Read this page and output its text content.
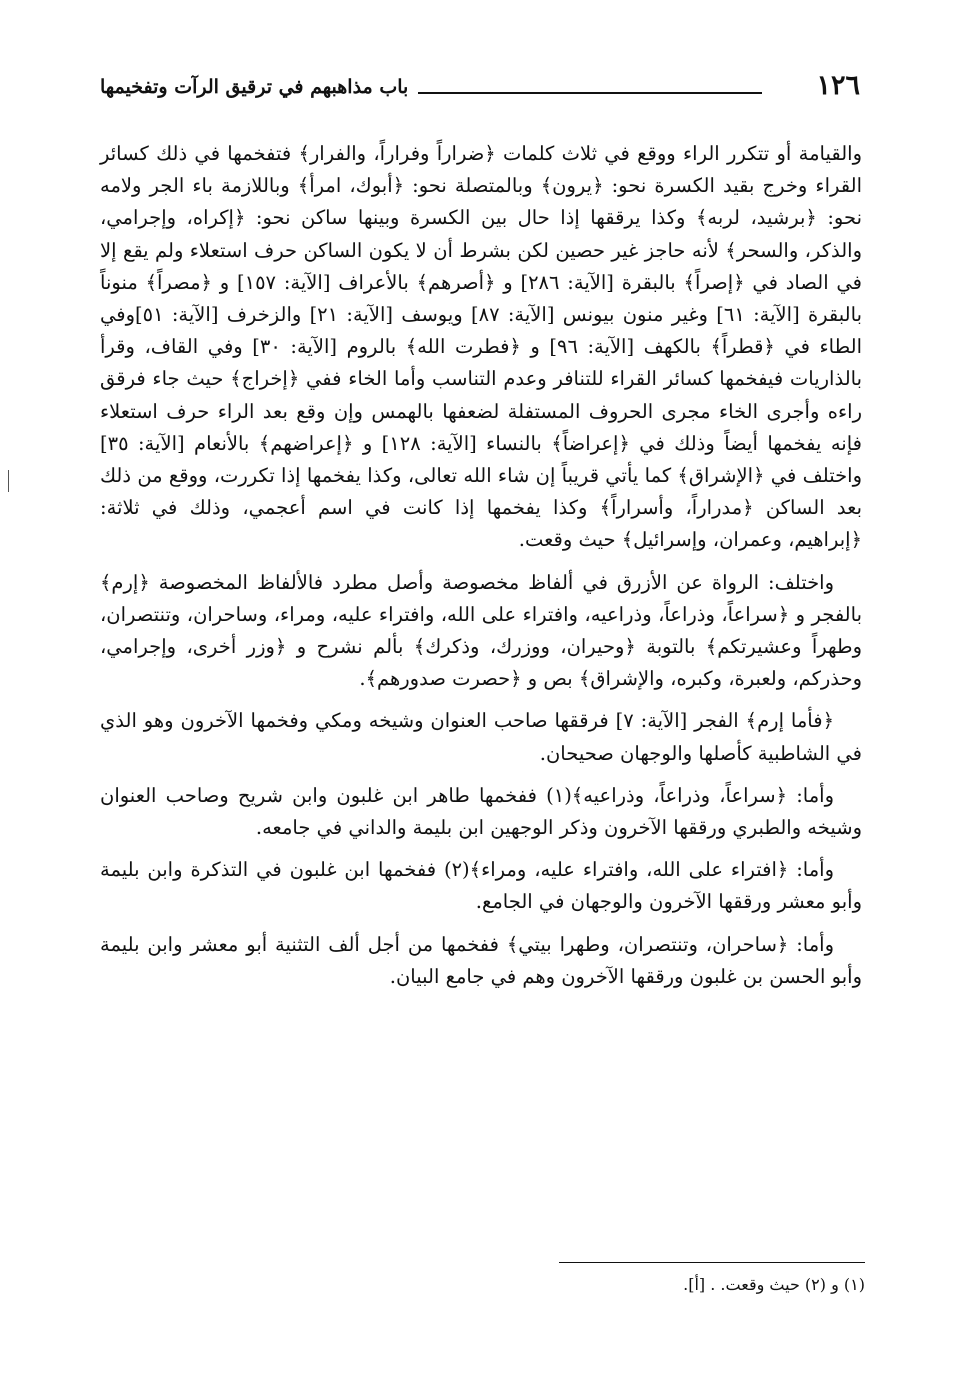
١٢٦
باب مذاهبهم في ترقيق الرآت وتفخيمها

والقيامة أو تتكرر الراء ووقع في ثلاث كلمات ﴿ضراراً وفراراً، والفرار﴾ فتفخمها في ذلك كسائر القراء وخرج بقيد الكسرة نحو: ﴿يرون﴾ وبالمتصلة نحو: ﴿أبوك، امرأ﴾ وباللازمة باء الجر ولامه نحو: ﴿برشيد، لربه﴾ وكذا يرققها إذا حال بين الكسرة وبينها ساكن نحو: ﴿إكراه، وإجرامي، والذكر، والسحر﴾ لأنه حاجز غير حصين لكن بشرط أن لا يكون الساكن حرف استعلاء ولم يقع إلا في الصاد في ﴿إصراً﴾ بالبقرة [الآية: ٢٨٦] و ﴿أصرهم﴾ بالأعراف [الآية: ١٥٧] و ﴿مصراً﴾ منوناً بالبقرة [الآية: ٦١] وغير منون بيونس [الآية: ٨٧] ويوسف [الآية: ٢١] والزخرف [الآية: ٥١]وفي الطاء في ﴿قطراً﴾ بالكهف [الآية: ٩٦] و ﴿فطرت الله﴾ بالروم [الآية: ٣٠] وفي القاف، وقرأ بالذاريات فيفخمها كسائر القراء للتنافر وعدم التناسب وأما الخاء ففي ﴿إخراج﴾ حيث جاء فرقق راءه وأجرى الخاء مجرى الحروف المستفلة لضعفها بالهمس وإن وقع بعد الراء حرف استعلاء فإنه يفخمها أيضاً وذلك في ﴿إعراضاً﴾ بالنساء [الآية: ١٢٨] و ﴿إعراضهم﴾ بالأنعام [الآية: ٣٥] واختلف في ﴿الإشراق﴾ كما يأتي قريباً إن شاء الله تعالى، وكذا يفخمها إذا تكررت، ووقع من ذلك بعد الساكن ﴿مدراراً، وأسراراً﴾ وكذا يفخمها إذا كانت في اسم أعجمي، وذلك في ثلاثة: ﴿إبراهيم، وعمران، وإسرائيل﴾ حيث وقعت.

واختلف: الرواة عن الأزرق في ألفاظ مخصوصة وأصل مطرد فالألفاظ المخصوصة ﴿إرم﴾ بالفجر و ﴿سراعاً، وذراعاً، وذراعيه، وافتراء على الله، وافتراء عليه، ومراء، وساحران، وتنتصران، وطهراً وعشيرتكم﴾ بالتوبة ﴿وحيران، ووزرك، وذكرك﴾ بألم نشرح و ﴿وزر أخرى، وإجرامي، وحذركم، ولعبرة، وكبره، والإشراق﴾ بص و ﴿حصرت صدورهم﴾.

﴿فأما إرم﴾ الفجر [الآية: ٧] فرققها صاحب العنوان وشيخه ومكي وفخمها الآخرون وهو الذي في الشاطبية كأصلها والوجهان صحيحان.

وأما: ﴿سراعاً، وذراعاً، وذراعيه﴾(١) ففخمها طاهر ابن غلبون وابن شريح وصاحب العنوان وشيخه والطبري ورققها الآخرون وذكر الوجهين ابن بليمة والداني في جامعه.

وأما: ﴿افتراء على الله، وافتراء عليه، ومراء﴾(٢) ففخمها ابن غلبون في التذكرة وابن بليمة وأبو معشر ورققها الآخرون والوجهان في الجامع.

وأما: ﴿ساحران، وتنتصران، وطهرا بيتي﴾ ففخمها من أجل ألف التثنية أبو معشر وابن بليمة وأبو الحسن بن غلبون ورققها الآخرون وهم في جامع البيان.

(١) و (٢) حيث وقعت. . [أ].
